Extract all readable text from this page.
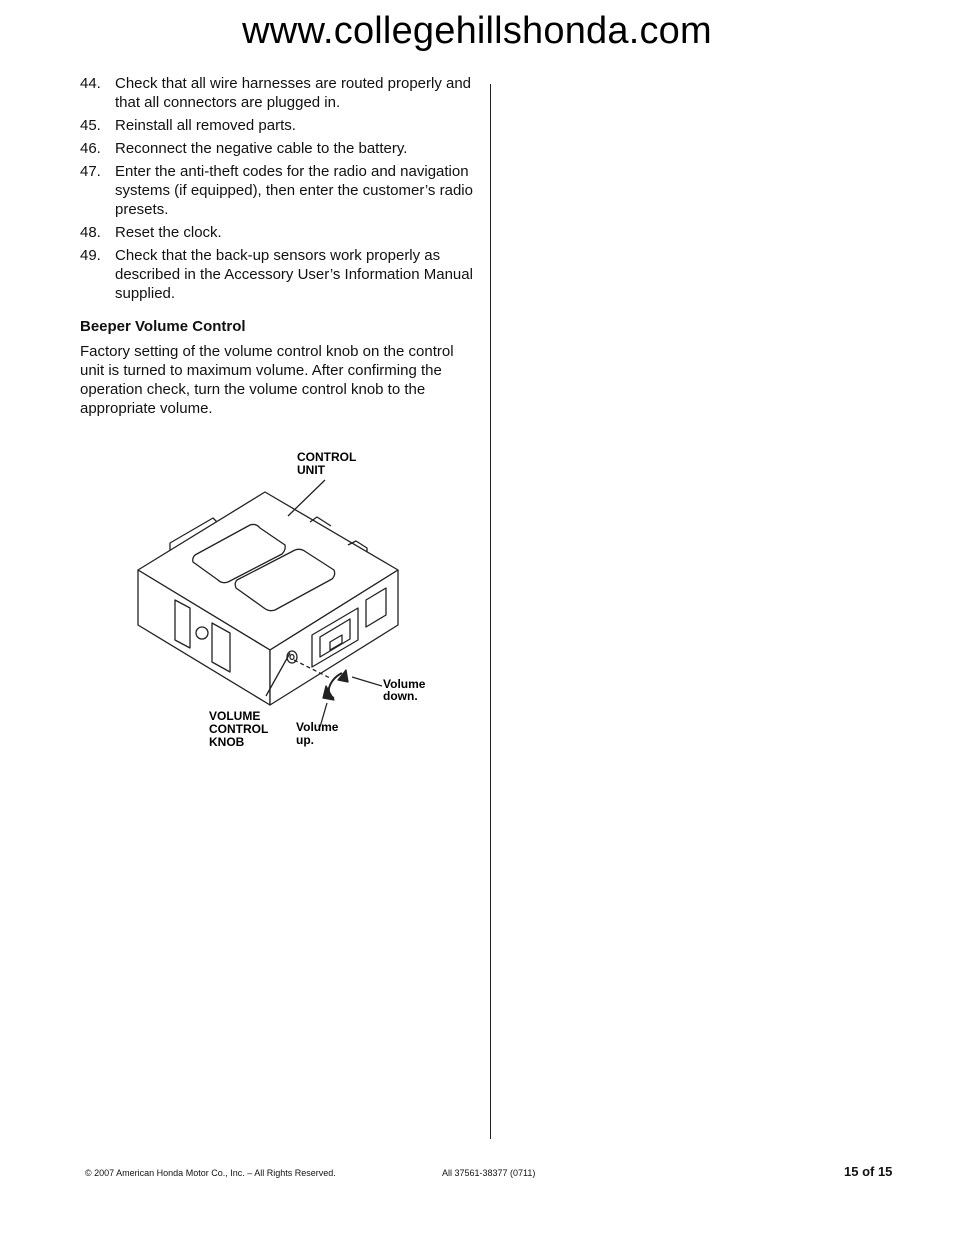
www.collegehillshonda.com
44. Check that all wire harnesses are routed properly and that all connectors are plugged in.
45. Reinstall all removed parts.
46. Reconnect the negative cable to the battery.
47. Enter the anti-theft codes for the radio and navigation systems (if equipped), then enter the customer’s radio presets.
48. Reset the clock.
49. Check that the back-up sensors work properly as described in the Accessory User’s Information Manual supplied.
Beeper Volume Control

Factory setting of the volume control knob on the control unit is turned to maximum volume. After confirming the operation check, turn the volume control knob to the appropriate volume.

CONTROL
UNIT
Volume
down.
VOLUME
CONTROL
KNOB
Volume
up.
© 2007 American Honda Motor Co., Inc. – All Rights Reserved.	All 37561-38377 (0711)	15 of 15
